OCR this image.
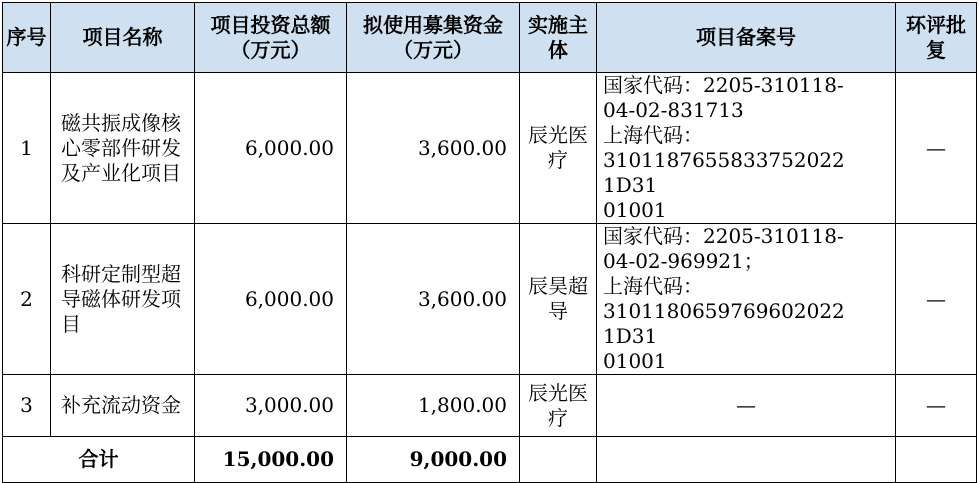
序号	项目名称	项目投资总额（万元）	拟使用募集资金（万元）	实施主体	项目备案号	环评批复
1	磁共振成像核心零部件研发及产业化项目	6,000.00	3,600.00	辰光医疗	国家代码：2205-310118-
04-02-831713
上海代码：
3101187655833752022 1D31
01001	—
2	科研定制型超导磁体研发项目	6,000.00	3,600.00	辰昊超导	国家代码：2205-310118-
04-02-969921；
上海代码：
3101180659769602022 1D31
01001	—
3	补充流动资金	3,000.00	1,800.00	辰光医疗	—	—
合计		15,000.00	9,000.00			
